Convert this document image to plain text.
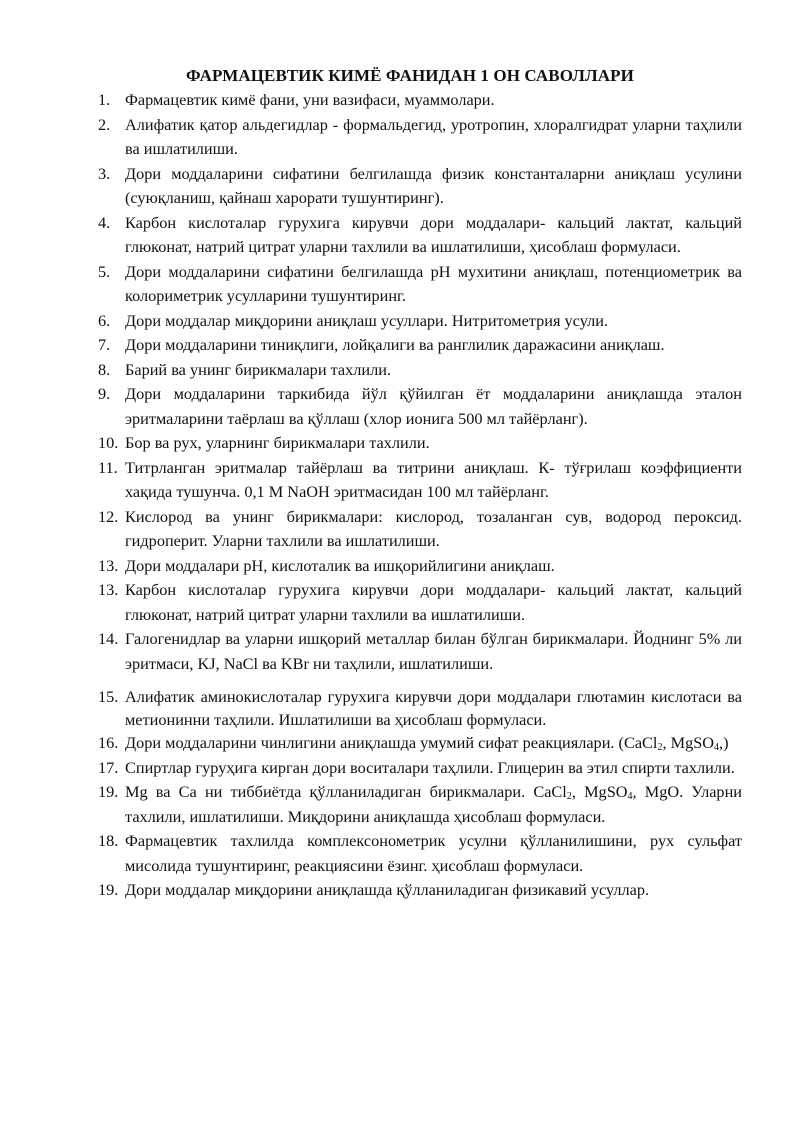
ФАРМАЦЕВТИК КИМЁ ФАНИДАН 1 ОН САВОЛЛАРИ
1. Фармацевтик кимё фани, уни вазифаси, муаммолари.
2. Алифатик қатор альдегидлар - формальдегид, уротропин, хлоралгидрат уларни таҳлили ва ишлатилиши.
3. Дори моддаларини сифатини белгилашда физик константаларни аниқлаш усулини (суюқланиш, қайнаш харорати тушунтиринг).
4. Карбон кислоталар гурухига кирувчи дори моддалари- кальций лактат, кальций глюконат, натрий цитрат уларни тахлили ва ишлатилиши, ҳисоблаш формуласи.
5. Дори моддаларини сифатини белгилашда pH мухитини аниқлаш, потенциометрик ва колориметрик усулларини тушунтиринг.
6. Дори моддалар миқдорини аниқлаш усуллари. Нитритометрия усули.
7. Дори моддаларини тиниқлиги, лойқалиги ва ранглилик даражасини аниқлаш.
8. Барий ва унинг бирикмалари тахлили.
9. Дори моддаларини таркибида йўл қўйилган ёт моддаларини аниқлашда эталон эритмаларини таёрлаш ва қўллаш (хлор ионига 500 мл тайёрланг).
10. Бор ва рух, уларнинг бирикмалари тахлили.
11. Титрланган эритмалар тайёрлаш ва титрини аниқлаш. К- тўғрилаш коэффициенти хақида тушунча. 0,1 М NaOH эритмасидан 100 мл тайёрланг.
12. Кислород ва унинг бирикмалари: кислород, тозаланган сув, водород пероксид. гидроперит. Уларни тахлили ва ишлатилиши.
13. Дори моддалари pH, кислоталик ва ишқорийлигини аниқлаш.
13. Карбон кислоталар гурухига кирувчи дори моддалари- кальций лактат, кальций глюконат, натрий цитрат уларни тахлили ва ишлатилиши.
14. Галогенидлар ва уларни ишқорий металлар билан бўлган бирикмалари. Йоднинг 5% ли эритмаси, KJ, NaCl ва KBr ни таҳлили, ишлатилиши.
15. Алифатик аминокислоталар гурухига кирувчи дори моддалари глютамин кислотаси ва метионинни таҳлили. Ишлатилиши ва ҳисоблаш формуласи.
16. Дори моддаларини чинлигини аниқлашда умумий сифат реакциялари. (CaCl$_2$, MgSO$_4$,)
17. Спиртлар гуруҳига кирган дори воситалари таҳлили. Глицерин ва этил спирти тахлили.
19. Mg ва Ca ни тиббиётда қўлланиладиган бирикмалари. CaCl$_2$, MgSO$_4$, MgO. Уларни тахлили, ишлатилиши. Миқдорини аниқлашда ҳисоблаш формуласи.
18. Фармацевтик тахлилда комплексонометрик усулни қўлланилишини, рух сульфат мисолида тушунтиринг, реакциясини ёзинг. ҳисоблаш формуласи.
19. Дори моддалар миқдорини аниқлашда қўлланиладиган физикавий усуллар.
